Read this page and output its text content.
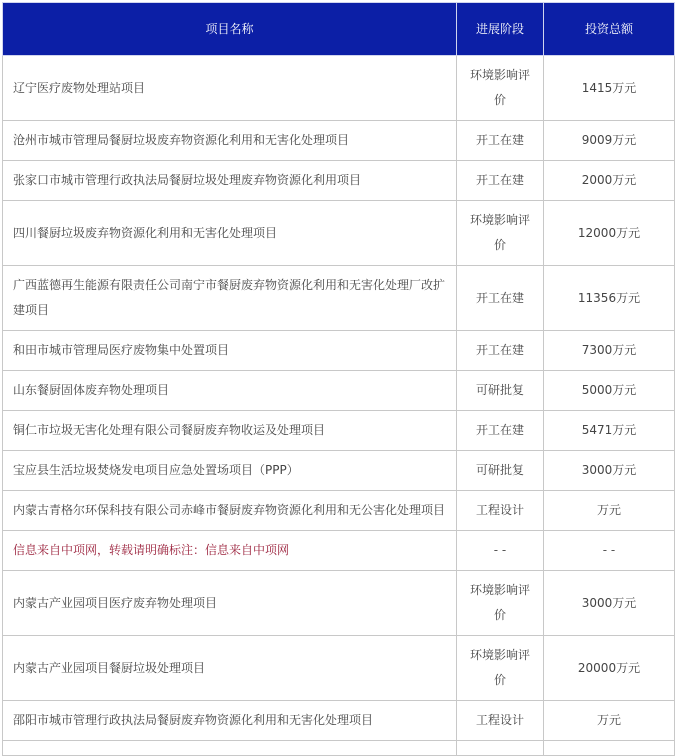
项目名称	进展阶段	投资总额
辽宁医疗废物处理站项目	环境影响评价	1415万元
沧州市城市管理局餐厨垃圾废弃物资源化利用和无害化处理项目	开工在建	9009万元
张家口市城市管理行政执法局餐厨垃圾处理废弃物资源化利用项目	开工在建	2000万元
四川餐厨垃圾废弃物资源化利用和无害化处理项目	环境影响评价	12000万元
广西蓝德再生能源有限责任公司南宁市餐厨废弃物资源化利用和无害化处理厂改扩建项目	开工在建	11356万元
和田市城市管理局医疗废物集中处置项目	开工在建	7300万元
山东餐厨固体废弃物处理项目	可研批复	5000万元
铜仁市垃圾无害化处理有限公司餐厨废弃物收运及处理项目	开工在建	5471万元
宝应县生活垃圾焚烧发电项目应急处置场项目（PPP）	可研批复	3000万元
内蒙古青格尔环保科技有限公司赤峰市餐厨废弃物资源化利用和无公害化处理项目	工程设计	万元
信息来自中项网，转载请明确标注：信息来自中项网	- -	- -
内蒙古产业园项目医疗废弃物处理项目	环境影响评价	3000万元
内蒙古产业园项目餐厨垃圾处理项目	环境影响评价	20000万元
邵阳市城市管理行政执法局餐厨废弃物资源化利用和无害化处理项目	工程设计	万元
